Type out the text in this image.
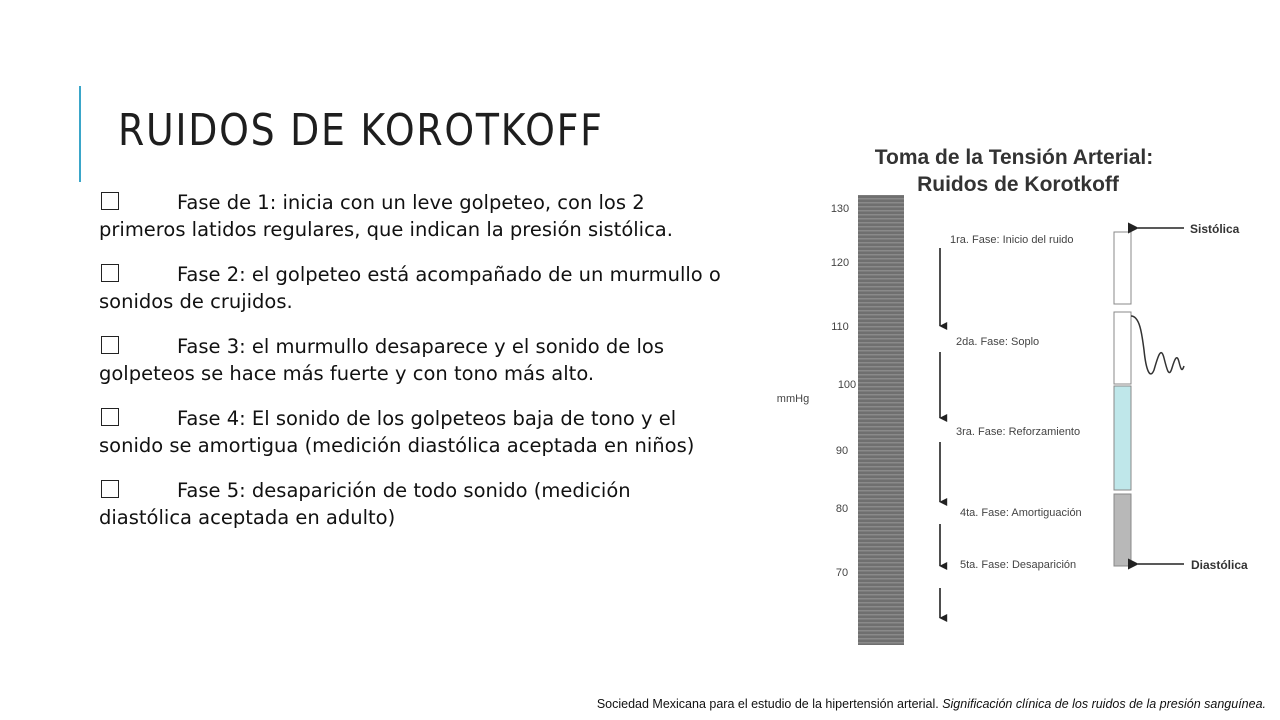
RUIDOS DE KOROTKOFF
Fase de 1: inicia con un leve golpeteo, con los 2 primeros latidos regulares, que indican la presión sistólica.
Fase 2: el golpeteo está acompañado de un murmullo o sonidos de crujidos.
Fase 3: el murmullo desaparece y el sonido de los golpeteos se hace más fuerte y con tono más alto.
Fase 4: El sonido de los golpeteos baja de tono y el sonido se amortigua (medición diastólica aceptada en niños)
Fase 5: desaparición de todo sonido (medición diastólica aceptada en adulto)
Toma de la Tensión Arterial:
Ruidos de Korotkoff
130
120
110
100
90
80
70
mmHg
1ra. Fase: Inicio del ruido
2da. Fase: Soplo
3ra. Fase: Reforzamiento
4ta. Fase: Amortiguación
5ta. Fase: Desaparición
Sistólica
Diastólica
Sociedad Mexicana para el estudio de la hipertensión arterial. Significación clínica de los ruidos de la presión sanguínea.
